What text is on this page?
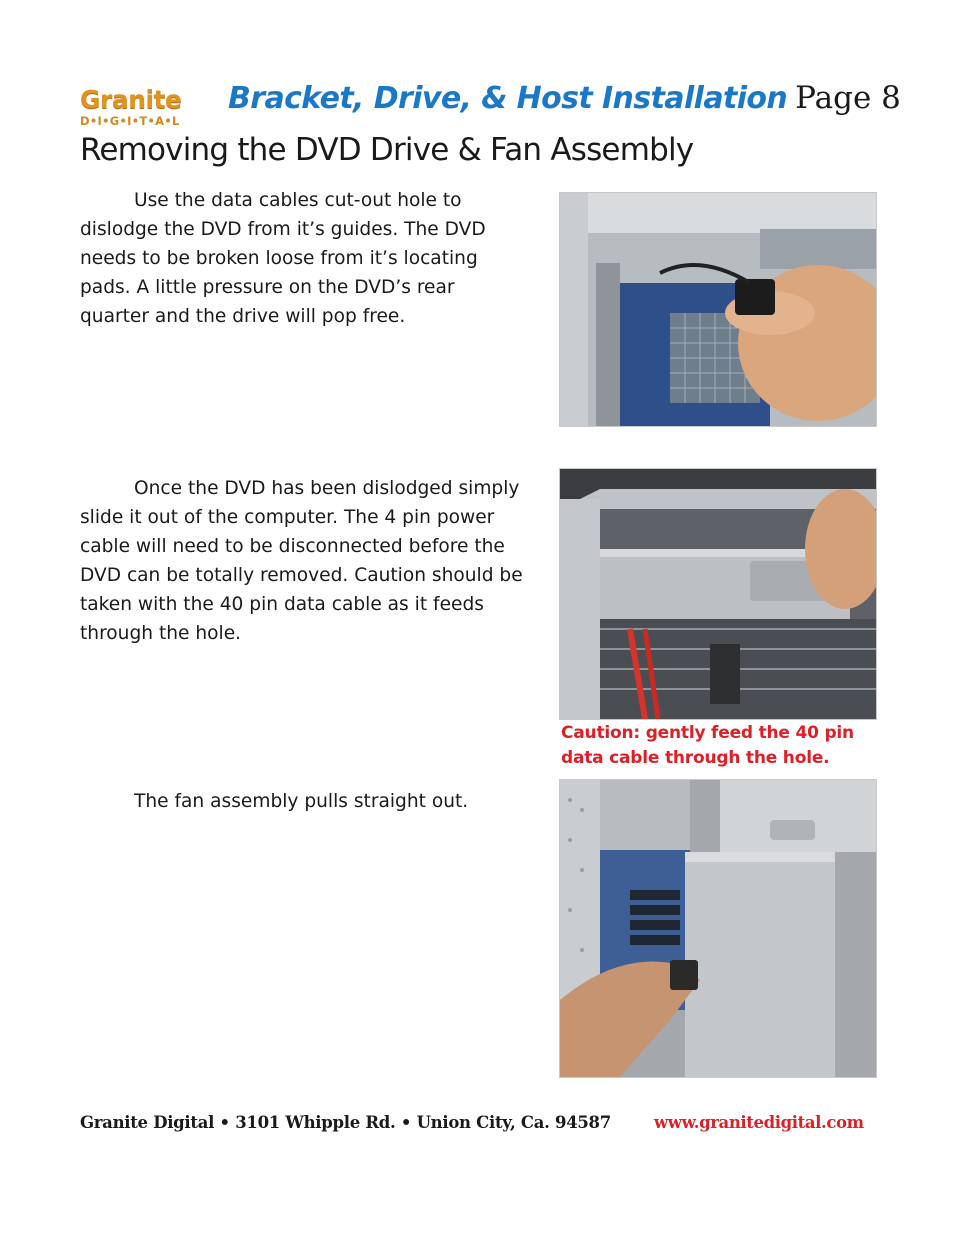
Granite
D•I•G•I•T•A•L
Bracket, Drive, & Host Installation Page 8
Removing the DVD Drive & Fan Assembly

Use the data cables cut-out hole to dislodge the DVD from it’s guides. The DVD needs to be broken loose from it’s locating pads. A little pressure on the DVD’s rear quarter and the drive will pop free.

Once the DVD has been dislodged simply slide it out of the computer. The 4 pin power cable will need to be disconnected before the DVD can be totally removed. Caution should be taken with the 40 pin data cable as it feeds through the hole.

Caution: gently feed the 40 pin data cable through the hole.

The fan assembly pulls straight out.

Granite Digital • 3101 Whipple Rd. • Union City, Ca. 94587	www.granitedigital.com
